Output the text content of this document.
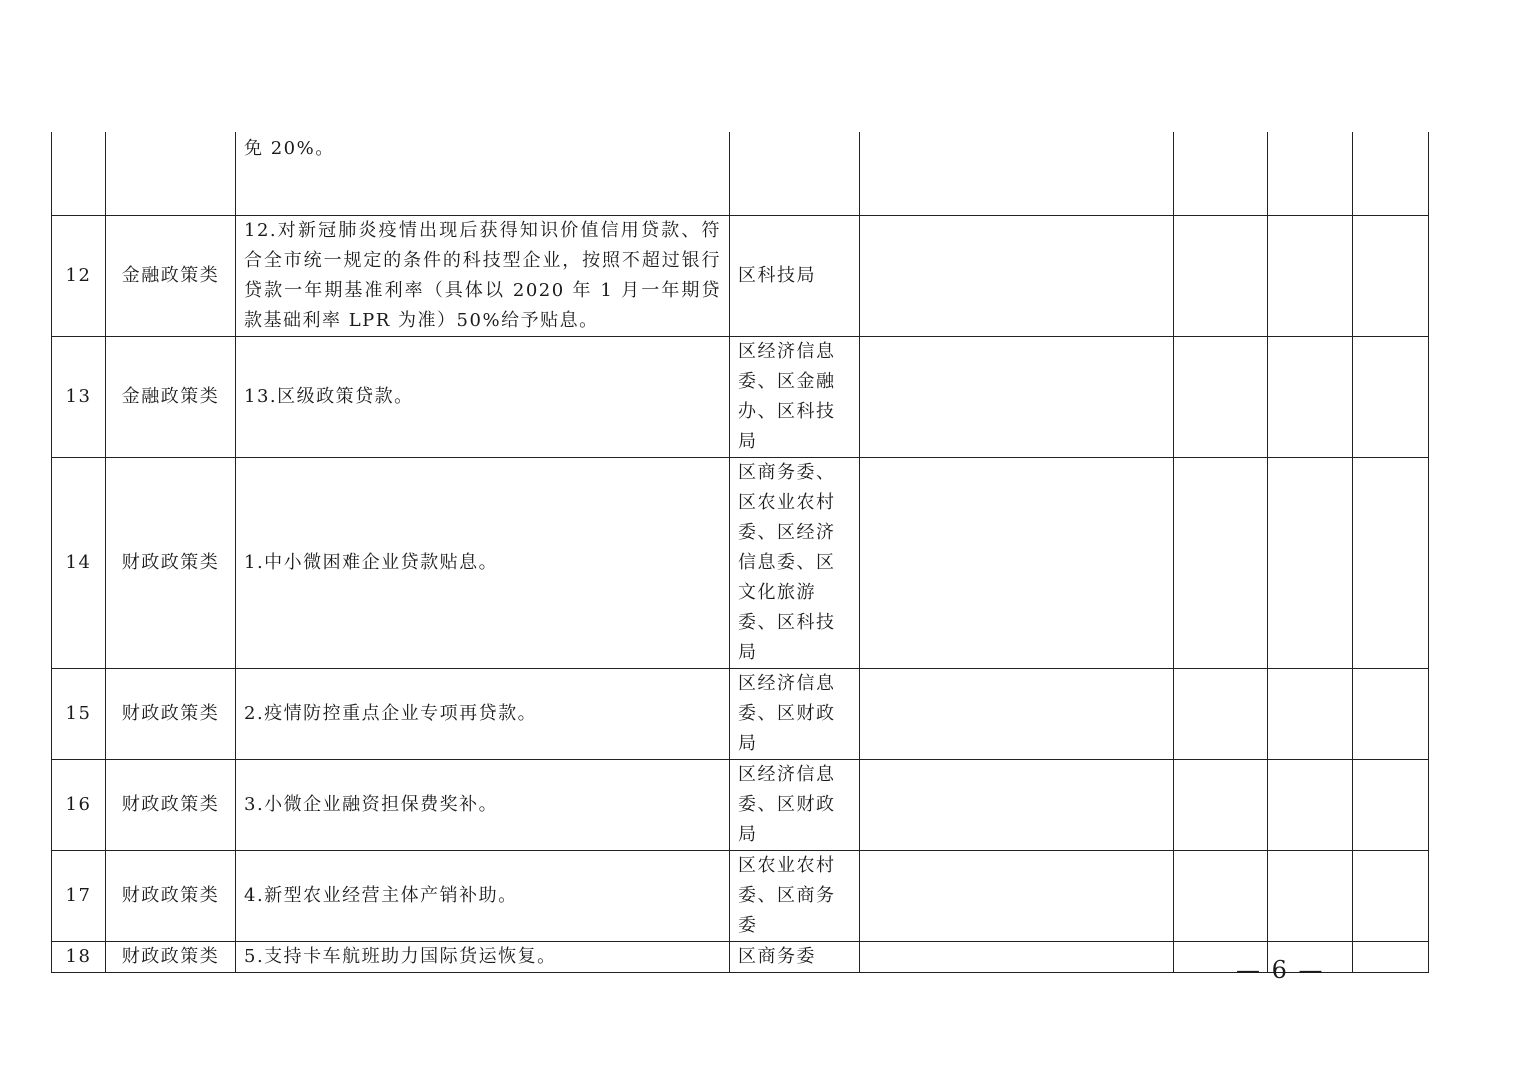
		免 20%。					
12	金融政策类	12.对新冠肺炎疫情出现后获得知识价值信用贷款、符合全市统一规定的条件的科技型企业，按照不超过银行贷款一年期基准利率（具体以 2020 年 1 月一年期贷款基础利率 LPR 为准）50%给予贴息。	区科技局				
13	金融政策类	13.区级政策贷款。	区经济信息委、区金融办、区科技局				
14	财政政策类	1.中小微困难企业贷款贴息。	区商务委、区农业农村委、区经济信息委、区文化旅游委、区科技局				
15	财政政策类	2.疫情防控重点企业专项再贷款。	区经济信息委、区财政局				
16	财政政策类	3.小微企业融资担保费奖补。	区经济信息委、区财政局				
17	财政政策类	4.新型农业经营主体产销补助。	区农业农村委、区商务委				
18	财政政策类	5.支持卡车航班助力国际货运恢复。	区商务委					— 6 —
